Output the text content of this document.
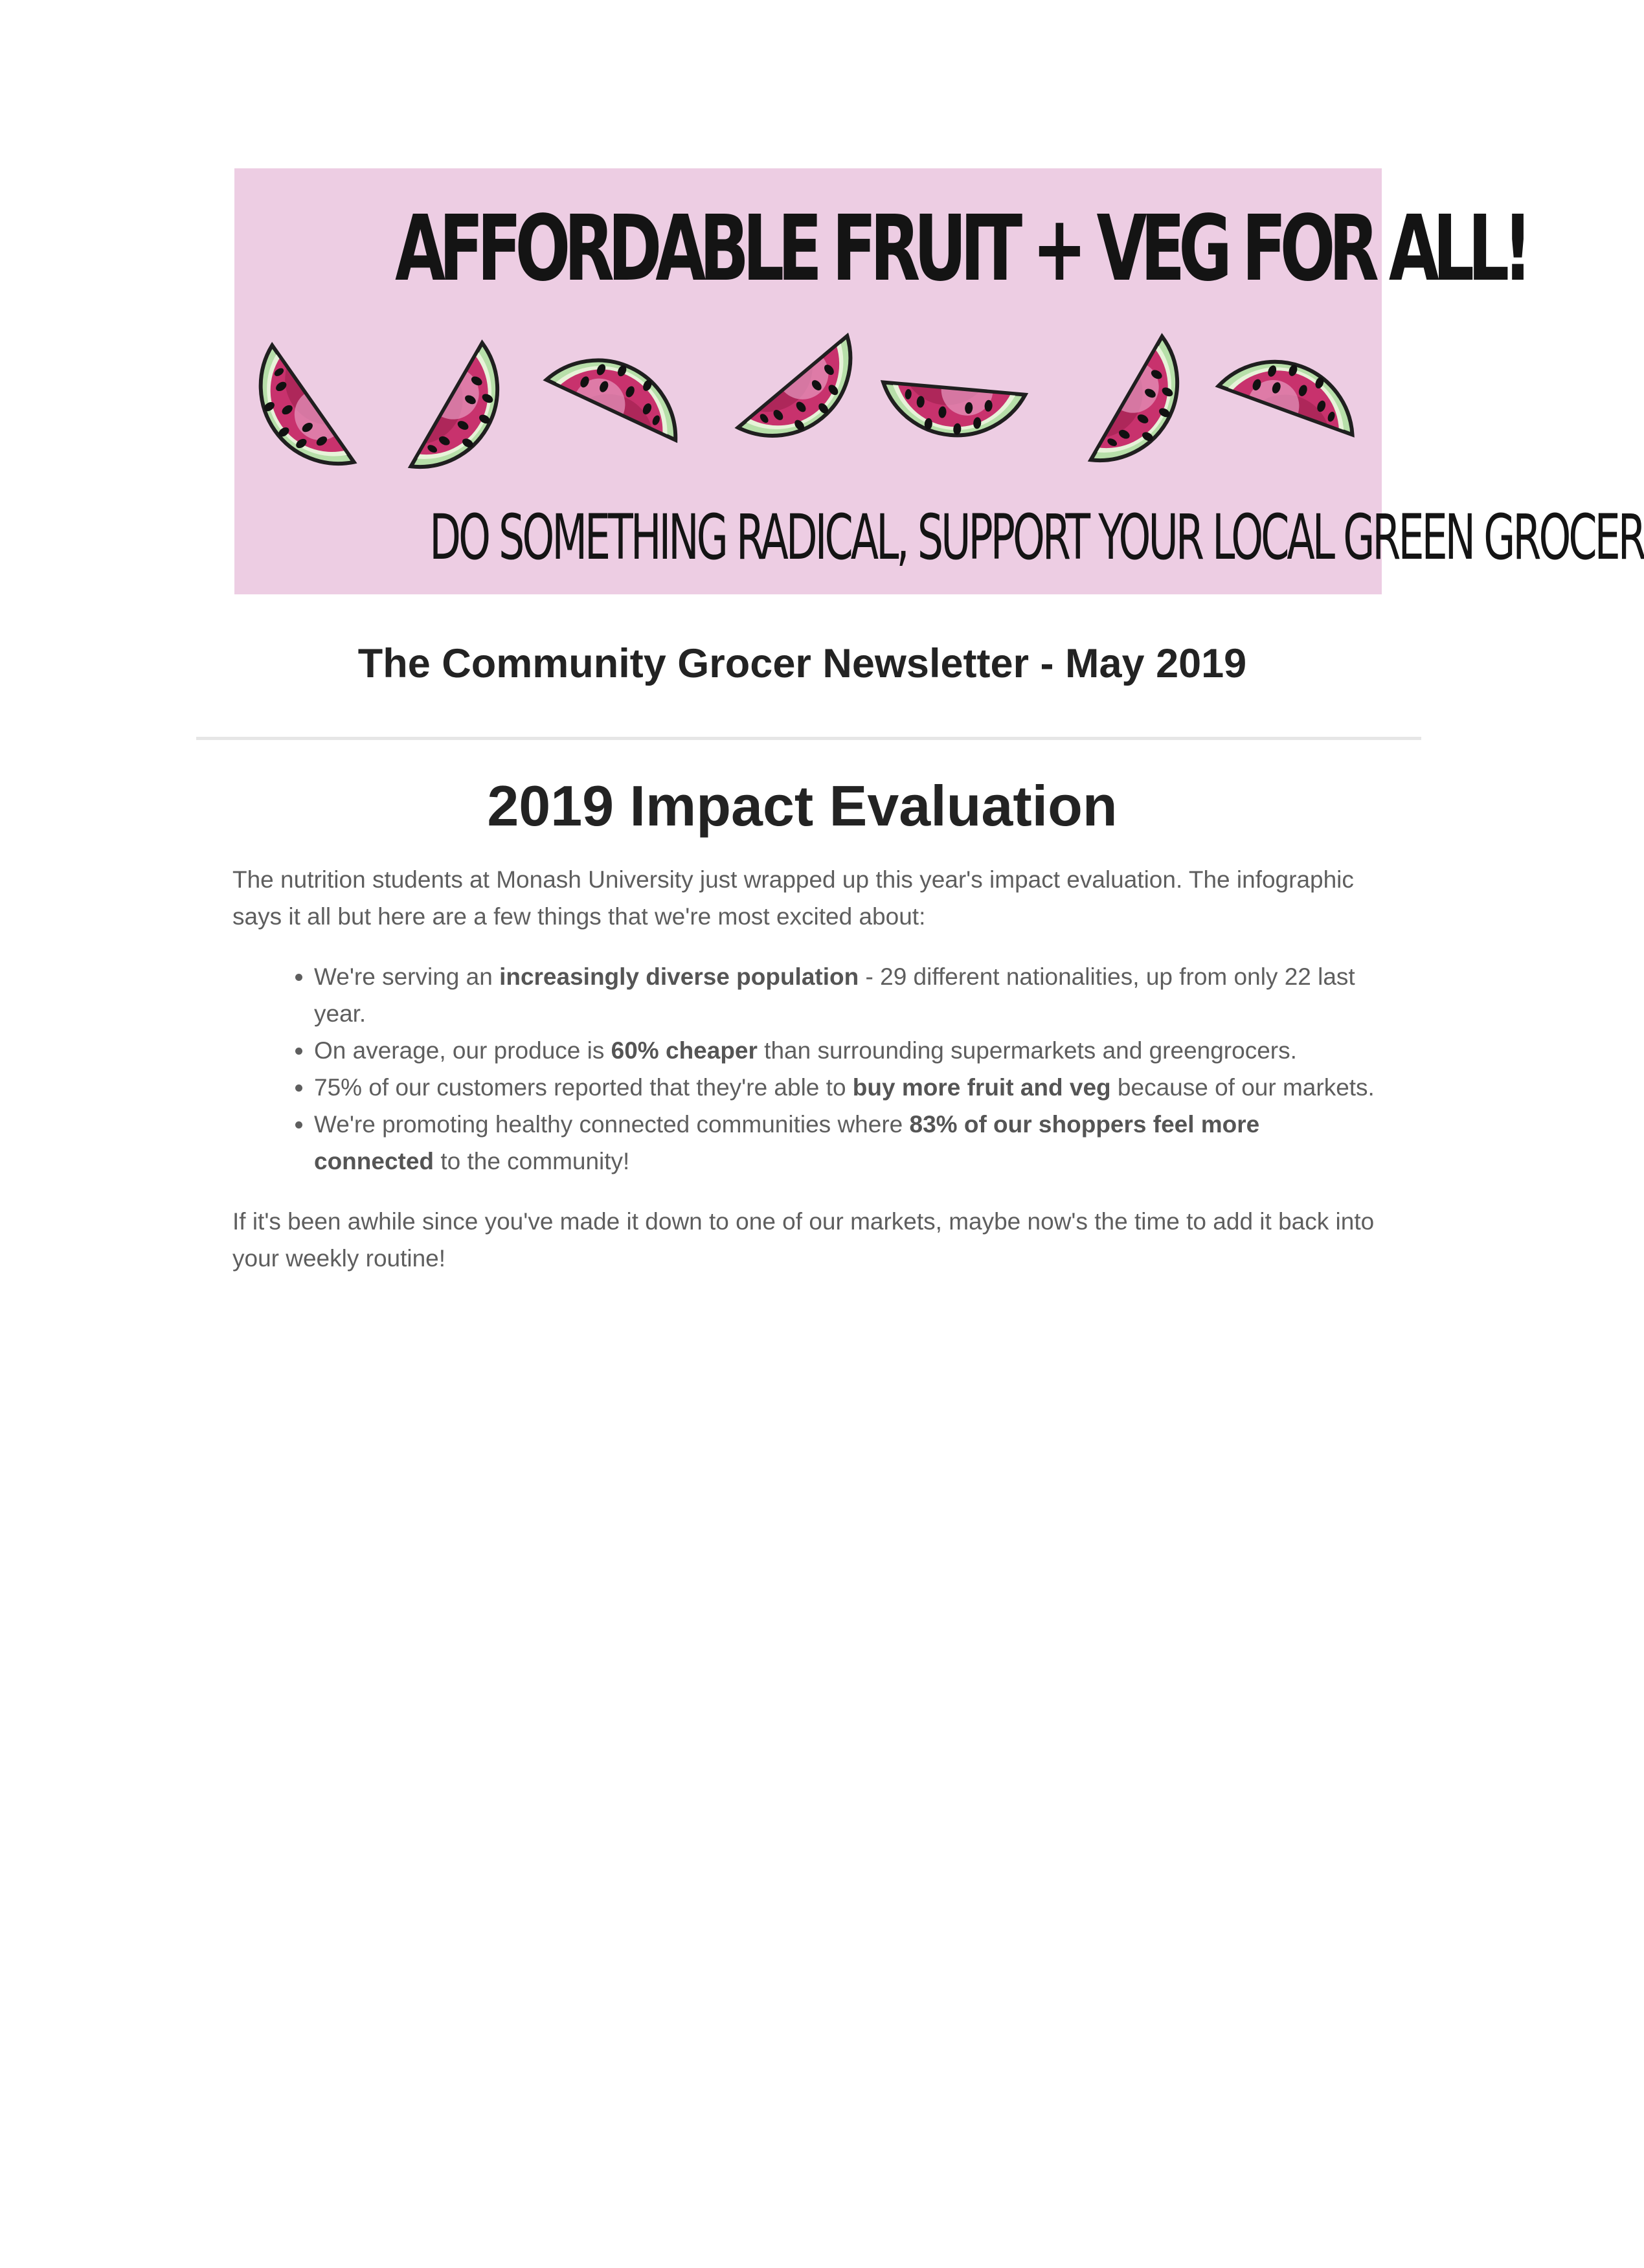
AFFORDABLE FRUIT + VEG FOR ALL!
DO SOMETHING RADICAL, SUPPORT YOUR LOCAL GREEN GROCER
The Community Grocer Newsletter - May 2019
2019 Impact Evaluation

The nutrition students at Monash University just wrapped up this year's impact evaluation. The infographic says it all but here are a few things that we're most excited about:

• We're serving an increasingly diverse population - 29 different nationalities, up from only 22 last year.
• On average, our produce is 60% cheaper than surrounding supermarkets and greengrocers.
• 75% of our customers reported that they're able to buy more fruit and veg because of our markets.
• We're promoting healthy connected communities where 83% of our shoppers feel more connected to the community!

If it's been awhile since you've made it down to one of our markets, maybe now's the time to add it back into your weekly routine!
